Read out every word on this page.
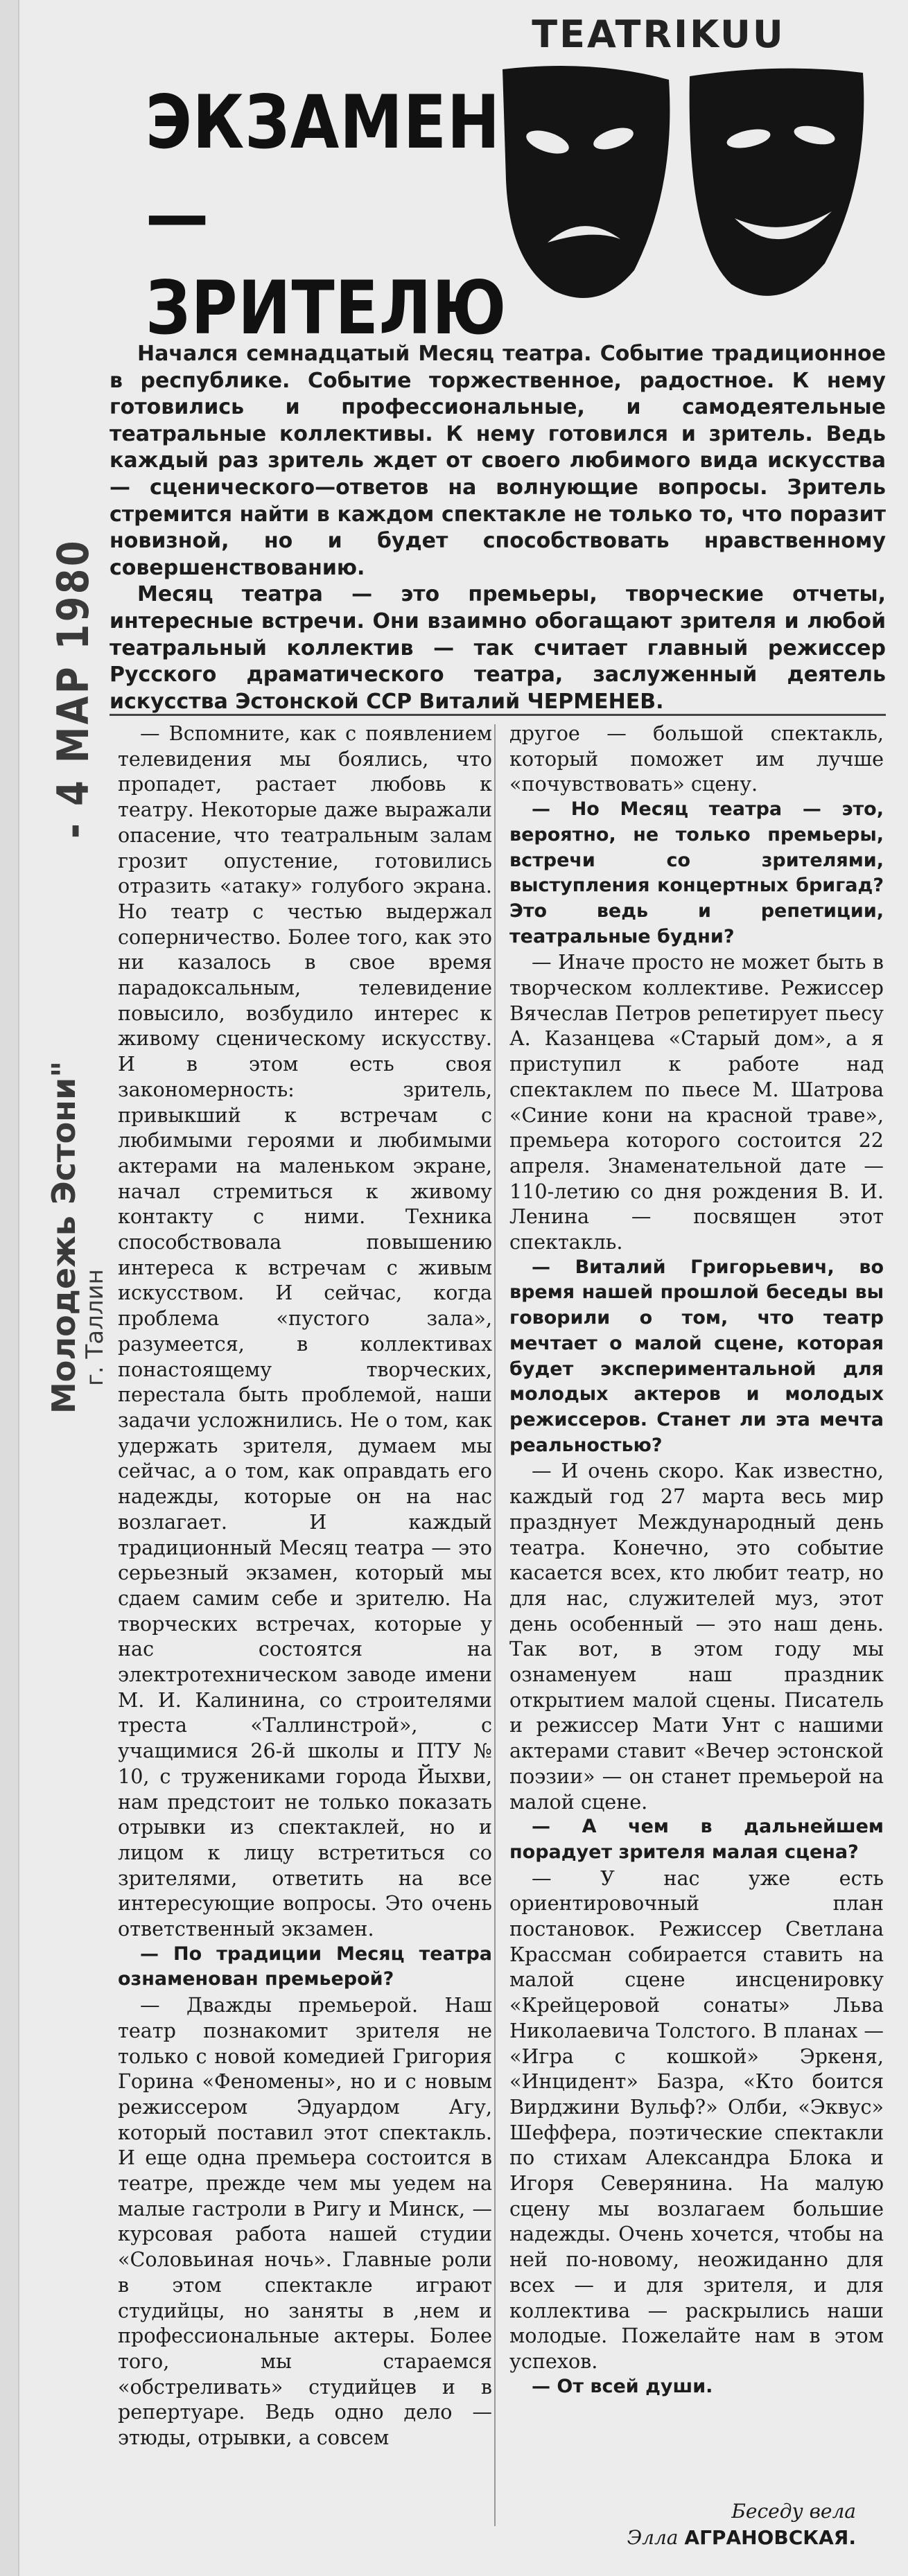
TEATRIKUU
ЭКЗАМЕН —
ЗРИТЕЛЮ
Молодежь Эстони"
г. Таллин
- 4 МАР 1980

Начался семнадцатый Месяц театра. Событие традиционное в республике. Событие торжественное, радостное. К нему готовились и профессиональные, и самодеятельные театральные коллективы. К нему готовился и зритель. Ведь каждый раз зритель ждет от своего любимого вида искусства — сценического—ответов на волнующие вопросы. Зритель стремится найти в каждом спектакле не только то, что поразит новизной, но и будет способствовать нравственному совершенствованию.

Месяц театра — это премьеры, творческие отчеты, интересные встречи. Они взаимно обогащают зрителя и любой театральный коллектив — так считает главный режиссер Русского драматического театра, заслуженный деятель искусства Эстонской ССР Виталий ЧЕРМЕНЕВ.

— Вспомните, как с появлением телевидения мы боялись, что пропадет, растает любовь к театру. Некоторые даже выражали опасение, что театральным залам грозит опустение, готовились отразить «атаку» голубого экрана. Но театр с честью выдержал соперничество. Более того, как это ни казалось в свое время парадоксальным, телевидение повысило, возбудило интерес к живому сценическому искусству. И в этом есть своя закономерность: зритель, привыкший к встречам с любимыми героями и любимыми актерами на маленьком экране, начал стремиться к живому контакту с ними. Техника способствовала повышению интереса к встречам с живым искусством. И сейчас, когда проблема «пустого зала», разумеется, в коллективах понастоящему творческих, перестала быть проблемой, наши задачи усложнились. Не о том, как удержать зрителя, думаем мы сейчас, а о том, как оправдать его надежды, которые он на нас возлагает. И каждый традиционный Месяц театра — это серьезный экзамен, который мы сдаем самим себе и зрителю. На творческих встречах, которые у нас состоятся на электротехническом заводе имени М. И. Калинина, со строителями треста «Таллинстрой», с учащимися 26-й школы и ПТУ № 10, с тружениками города Йыхви, нам предстоит не только показать отрывки из спектаклей, но и лицом к лицу встретиться со зрителями, ответить на все интересующие вопросы. Это очень ответственный экзамен.

— По традиции Месяц театра ознаменован премьерой?

— Дважды премьерой. Наш театр познакомит зрителя не только с новой комедией Григория Горина «Феномены», но и с новым режиссером Эдуардом Агу, который поставил этот спектакль. И еще одна премьера состоится в театре, прежде чем мы уедем на малые гастроли в Ригу и Минск, — курсовая работа нашей студии «Соловьиная ночь». Главные роли в этом спектакле играют студийцы, но заняты в ,нем и профессиональные актеры. Более того, мы стараемся «обстреливать» студийцев и в репертуаре. Ведь одно дело — этюды, отрывки, а совсем

другое — большой спектакль, который поможет им лучше «почувствовать» сцену.

— Но Месяц театра — это, вероятно, не только премьеры, встречи со зрителями, выступления концертных бригад? Это ведь и репетиции, театральные будни?

— Иначе просто не может быть в творческом коллективе. Режиссер Вячеслав Петров репетирует пьесу А. Казанцева «Старый дом», а я приступил к работе над спектаклем по пьесе М. Шатрова «Синие кони на красной траве», премьера которого состоится 22 апреля. Знаменательной дате — 110-летию со дня рождения В. И. Ленина — посвящен этот спектакль.

— Виталий Григорьевич, во время нашей прошлой беседы вы говорили о том, что театр мечтает о малой сцене, которая будет экспериментальной для молодых актеров и молодых режиссеров. Станет ли эта мечта реальностью?

— И очень скоро. Как известно, каждый год 27 марта весь мир празднует Международный день театра. Конечно, это событие касается всех, кто любит театр, но для нас, служителей муз, этот день особенный — это наш день. Так вот, в этом году мы ознаменуем наш праздник открытием малой сцены. Писатель и режиссер Мати Унт с нашими актерами ставит «Вечер эстонской поэзии» — он станет премьерой на малой сцене.

— А чем в дальнейшем порадует зрителя малая сцена?

— У нас уже есть ориентировочный план постановок. Режиссер Светлана Крассман собирается ставить на малой сцене инсценировку «Крейцеровой сонаты» Льва Николаевича Толстого. В планах — «Игра с кошкой» Эркеня, «Инцидент» Базра, «Кто боится Вирджини Вульф?» Олби, «Эквус» Шеффера, поэтические спектакли по стихам Александра Блока и Игоря Северянина. На малую сцену мы возлагаем большие надежды. Очень хочется, чтобы на ней по-новому, неожиданно для всех — и для зрителя, и для коллектива — раскрылись наши молодые. Пожелайте нам в этом успехов.

— От всей души.

Беседу вела
Элла АГРАНОВСКАЯ.
